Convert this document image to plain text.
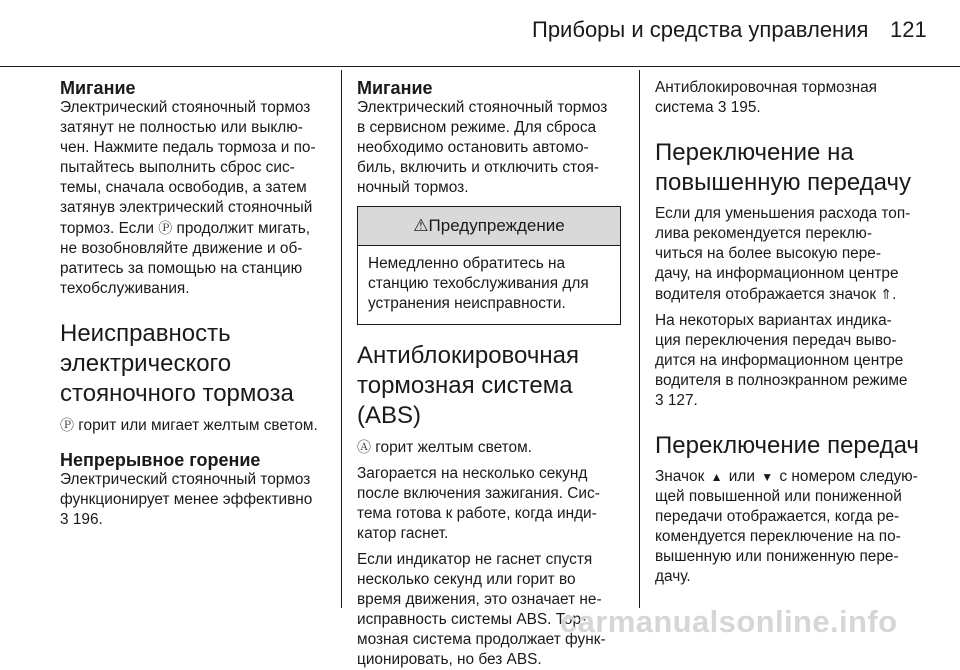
Приборы и средства управления 121
Мигание
Электрический стояночный тормоз
затянут не полностью или выклю-
чен. Нажмите педаль тормоза и по-
пытайтесь выполнить сброс сис-
темы, сначала освободив, а затем
затянув электрический стояночный
тормоз. Если Ⓟ продолжит мигать,
не возобновляйте движение и об-
ратитесь за помощью на станцию
техобслуживания.
Неисправность
электрического
стояночного тормоза
Ⓟ горит или мигает желтым светом.
Непрерывное горение
Электрический стояночный тормоз
функционирует менее эффективно
3 196.
Мигание
Электрический стояночный тормоз
в сервисном режиме. Для сброса
необходимо остановить автомо-
биль, включить и отключить стоя-
ночный тормоз.
⚠Предупреждение
Немедленно обратитесь на
станцию техобслуживания для
устранения неисправности.
Антиблокировочная
тормозная система (ABS)
Ⓐ горит желтым светом.
Загорается на несколько секунд
после включения зажигания. Сис-
тема готова к работе, когда инди-
катор гаснет.
Если индикатор не гаснет спустя
несколько секунд или горит во
время движения, это означает не-
исправность системы ABS. Тор-
мозная система продолжает функ-
ционировать, но без ABS.
Антиблокировочная тормозная
система 3 195.
Переключение на
повышенную передачу
Если для уменьшения расхода топ-
лива рекомендуется переклю-
читься на более высокую пере-
дачу, на информационном центре
водителя отображается значок ⇑.
На некоторых вариантах индика-
ция переключения передач выво-
дится на информационном центре
водителя в полноэкранном режиме
3 127.
Переключение передач
Значок ▲ или ▼ с номером следую-
щей повышенной или пониженной
передачи отображается, когда ре-
комендуется переключение на по-
вышенную или пониженную пере-
дачу.
carmanualsonline.info
